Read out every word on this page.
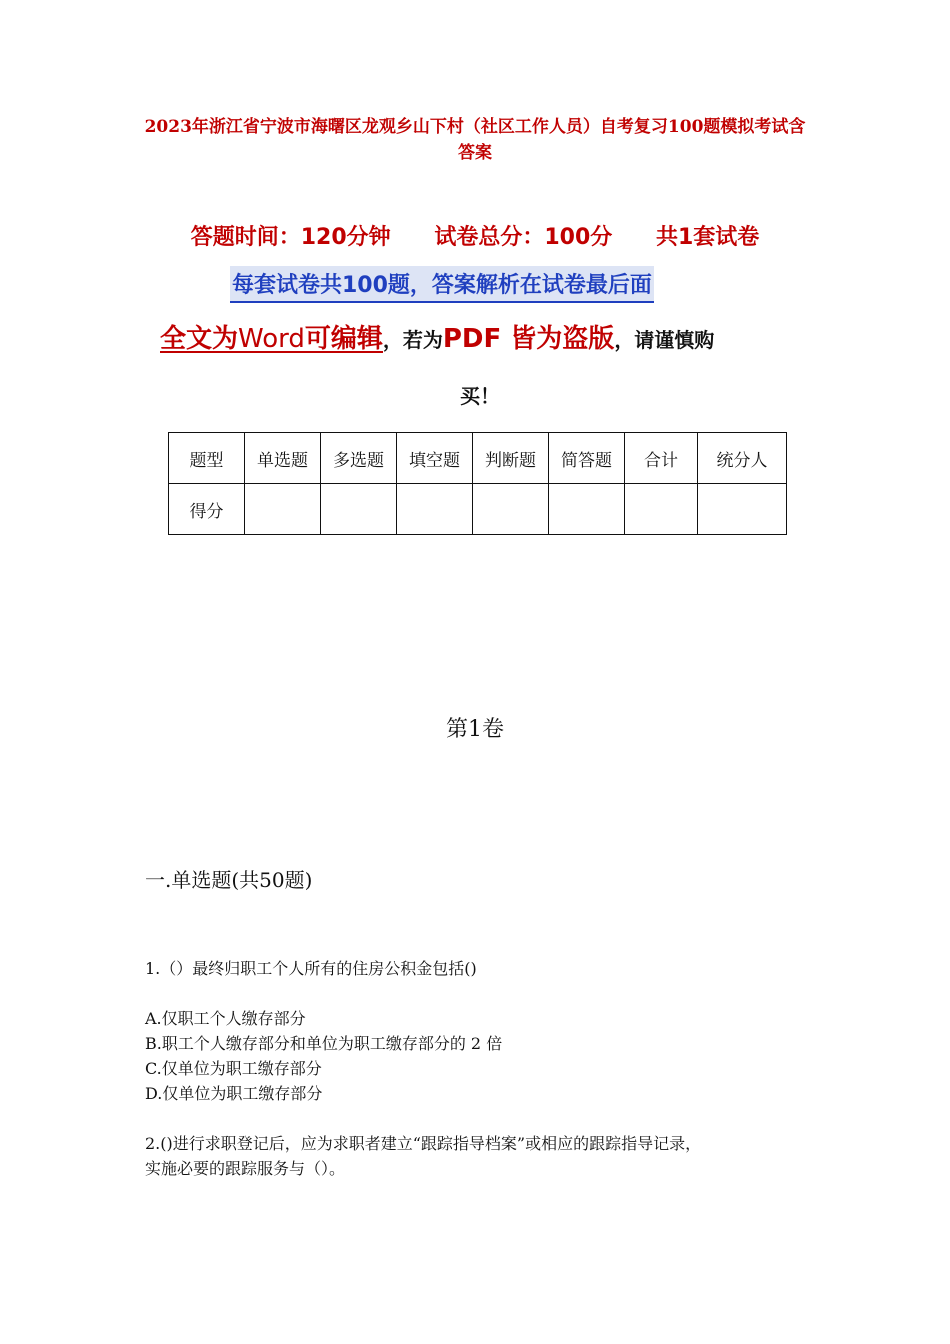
2023年浙江省宁波市海曙区龙观乡山下村（社区工作人员）自考复习100题模拟考试含答案
答题时间：120分钟 试卷总分：100分 共1套试卷
每套试卷共100题，答案解析在试卷最后面
全文为Word可编辑，若为PDF 皆为盗版，请谨慎购
买！
题型	单选题	多选题	填空题	判断题	简答题	合计	统分人
得分							
第1卷
一.单选题(共50题)
1.（）最终归职工个人所有的住房公积金包括()
A.仅职工个人缴存部分
B.职工个人缴存部分和单位为职工缴存部分的 2 倍
C.仅单位为职工缴存部分
D.仅单位为职工缴存部分
2.()进行求职登记后，应为求职者建立“跟踪指导档案”或相应的跟踪指导记录，
实施必要的跟踪服务与（）。
